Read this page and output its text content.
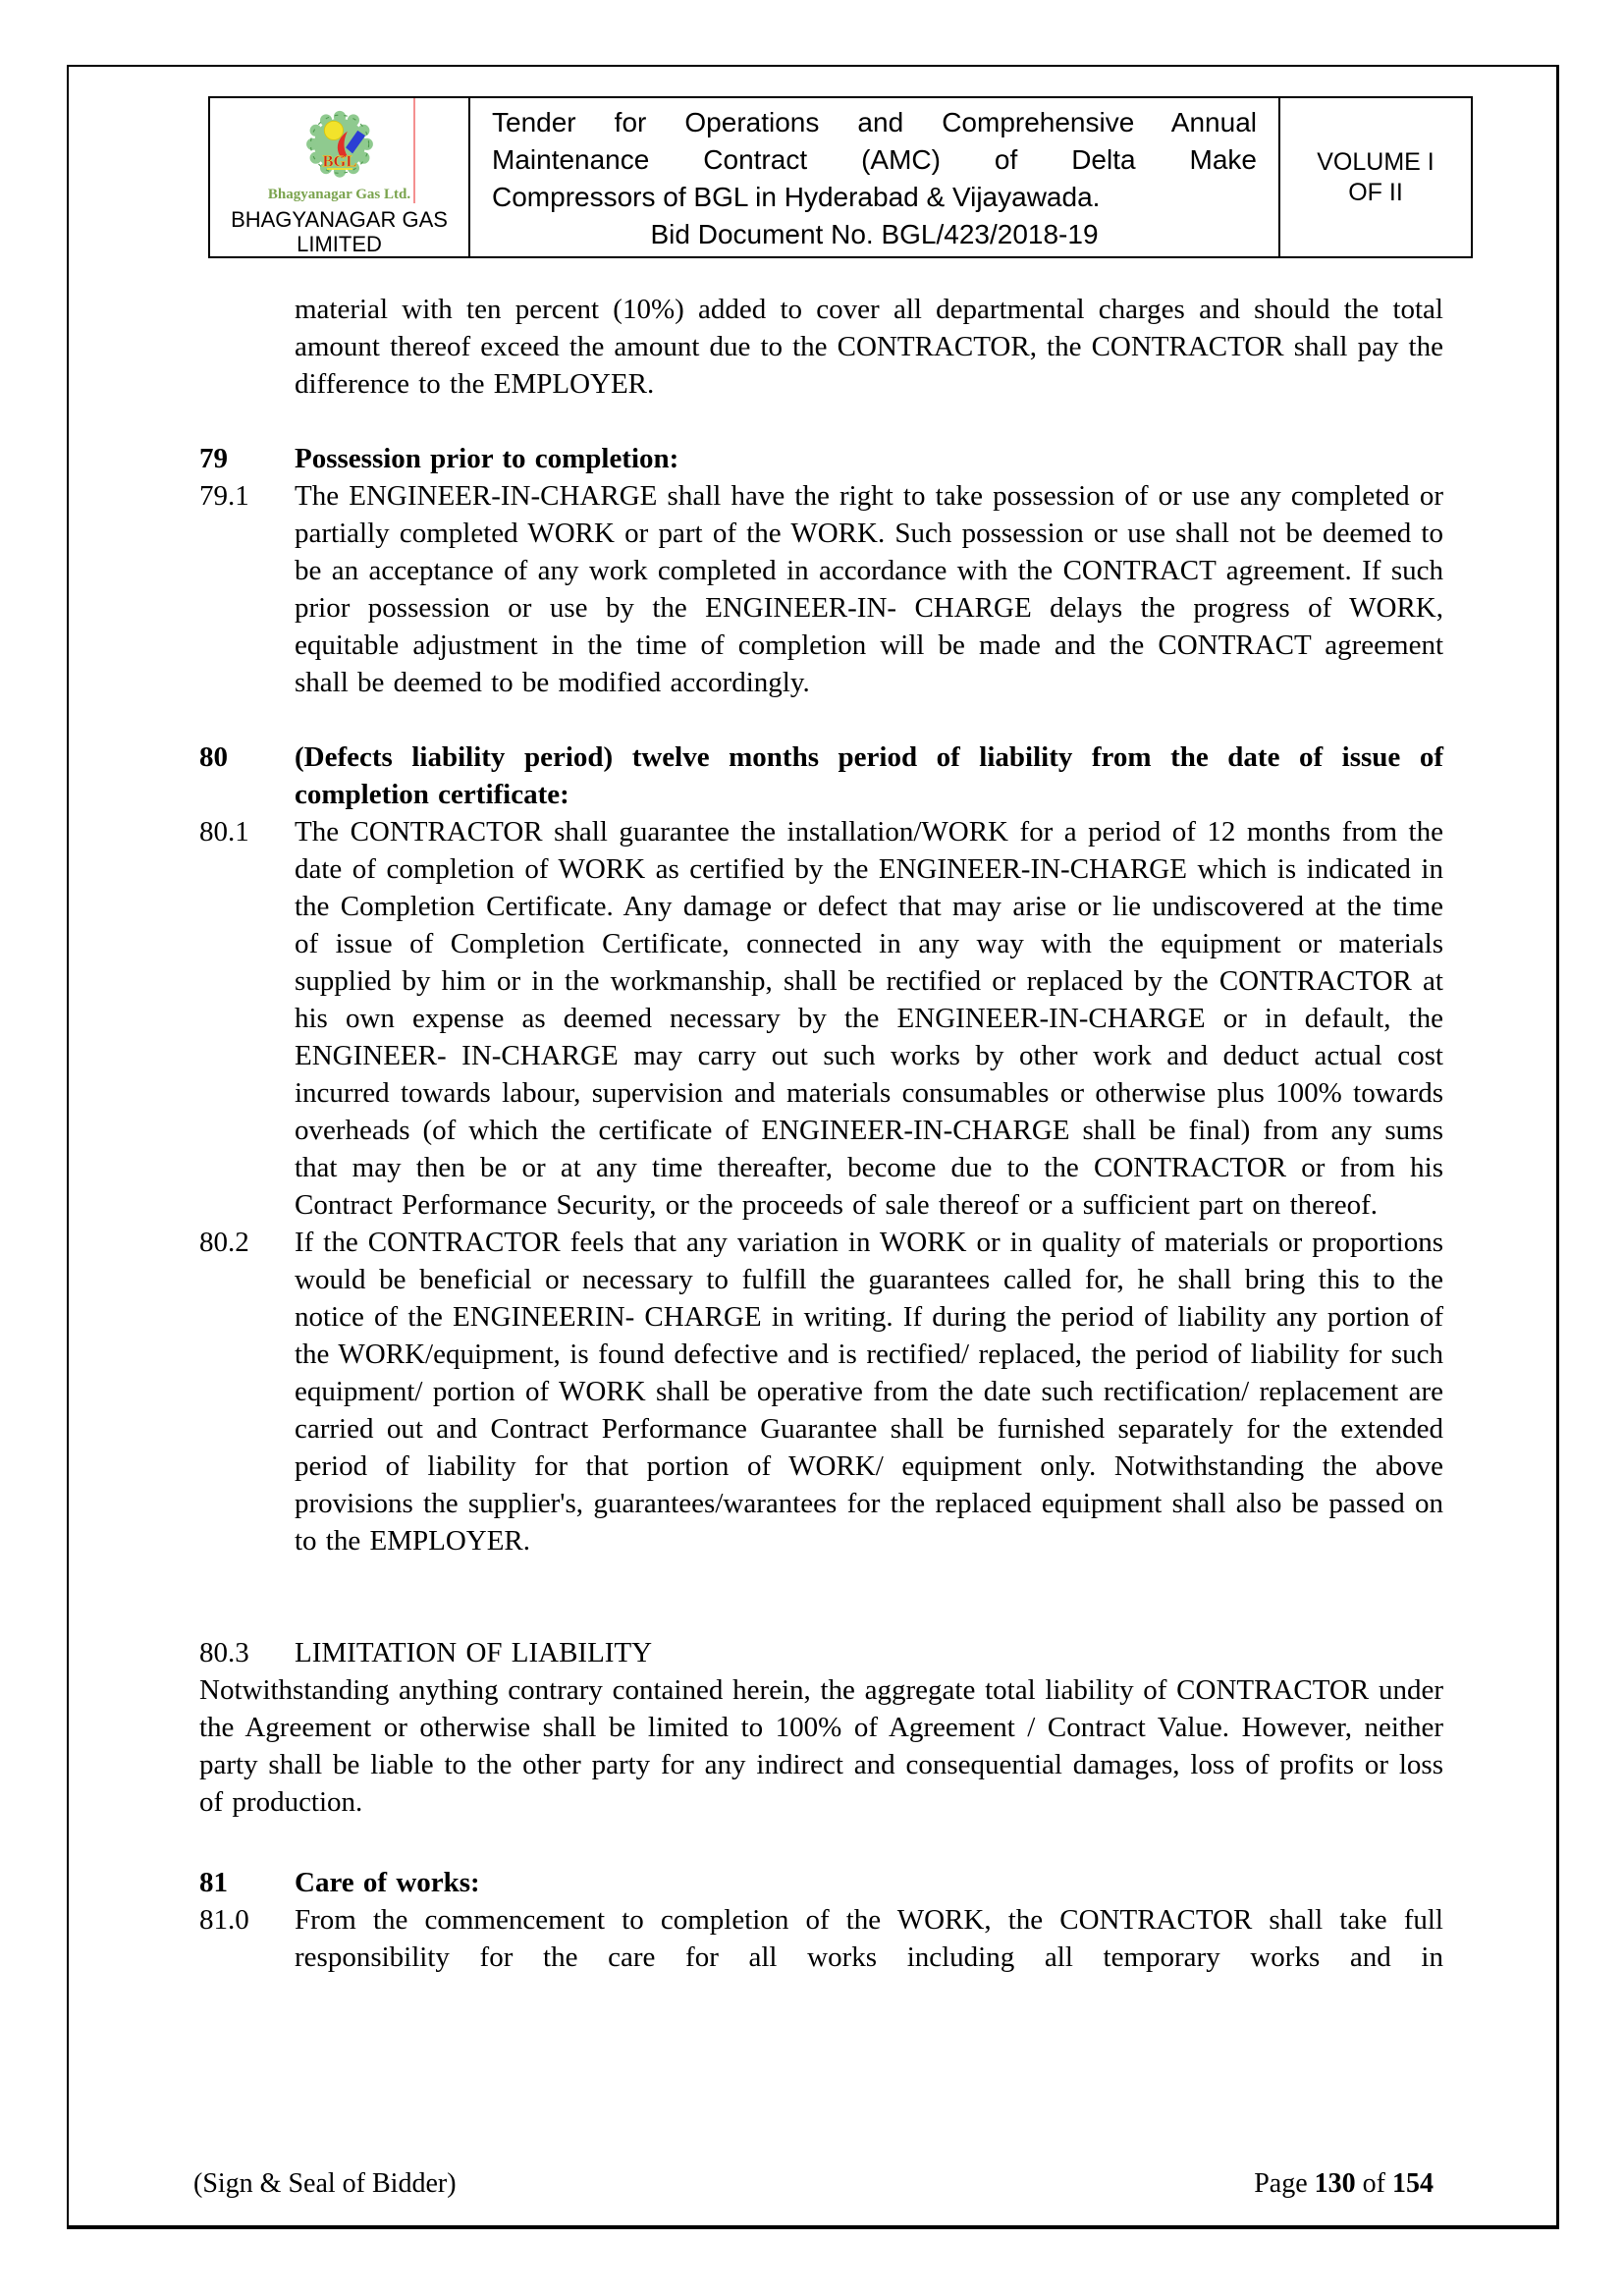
BGL
Bhagyanagar Gas Ltd.
BHAGYANAGAR GAS
LIMITED
Tender for Operations and Comprehensive Annual
Maintenance Contract (AMC) of Delta Make
Compressors of BGL in Hyderabad & Vijayawada.
Bid Document No. BGL/423/2018-19
VOLUME I
OF II

material with ten percent (10%) added to cover all departmental charges and should the total amount thereof exceed the amount due to the CONTRACTOR, the CONTRACTOR shall pay the difference to the EMPLOYER.

79	Possession prior to completion:
79.1	The ENGINEER-IN-CHARGE shall have the right to take possession of or use any completed or partially completed WORK or part of the WORK. Such possession or use shall not be deemed to be an acceptance of any work completed in accordance with the CONTRACT agreement. If such prior possession or use by the ENGINEER-IN- CHARGE delays the progress of WORK, equitable adjustment in the time of completion will be made and the CONTRACT agreement shall be deemed to be modified accordingly.
80	(Defects liability period) twelve months period of liability from the date of issue of completion certificate:
80.1	The CONTRACTOR shall guarantee the installation/WORK for a period of 12 months from the date of completion of WORK as certified by the ENGINEER-IN-CHARGE which is indicated in the Completion Certificate. Any damage or defect that may arise or lie undiscovered at the time of issue of Completion Certificate, connected in any way with the equipment or materials supplied by him or in the workmanship, shall be rectified or replaced by the CONTRACTOR at his own expense as deemed necessary by the ENGINEER-IN-CHARGE or in default, the ENGINEER- IN-CHARGE may carry out such works by other work and deduct actual cost incurred towards labour, supervision and materials consumables or otherwise plus 100% towards overheads (of which the certificate of ENGINEER-IN-CHARGE shall be final) from any sums that may then be or at any time thereafter, become due to the CONTRACTOR or from his Contract Performance Security, or the proceeds of sale thereof or a sufficient part on thereof.
80.2	If the CONTRACTOR feels that any variation in WORK or in quality of materials or proportions would be beneficial or necessary to fulfill the guarantees called for, he shall bring this to the notice of the ENGINEERIN- CHARGE in writing. If during the period of liability any portion of the WORK/equipment, is found defective and is rectified/ replaced, the period of liability for such equipment/ portion of WORK shall be operative from the date such rectification/ replacement are carried out and Contract Performance Guarantee shall be furnished separately for the extended period of liability for that portion of WORK/ equipment only. Notwithstanding the above provisions the supplier's, guarantees/warantees for the replaced equipment shall also be passed on to the EMPLOYER.
80.3	LIMITATION OF LIABILITY

Notwithstanding anything contrary contained herein, the aggregate total liability of CONTRACTOR under the Agreement or otherwise shall be limited to 100% of Agreement / Contract Value. However, neither party shall be liable to the other party for any indirect and consequential damages, loss of profits or loss of production.

81	Care of works:
81.0	From the commencement to completion of the WORK, the CONTRACTOR shall take full responsibility for the care for all works including all temporary works and in
(Sign & Seal of Bidder)	Page 130 of 154
